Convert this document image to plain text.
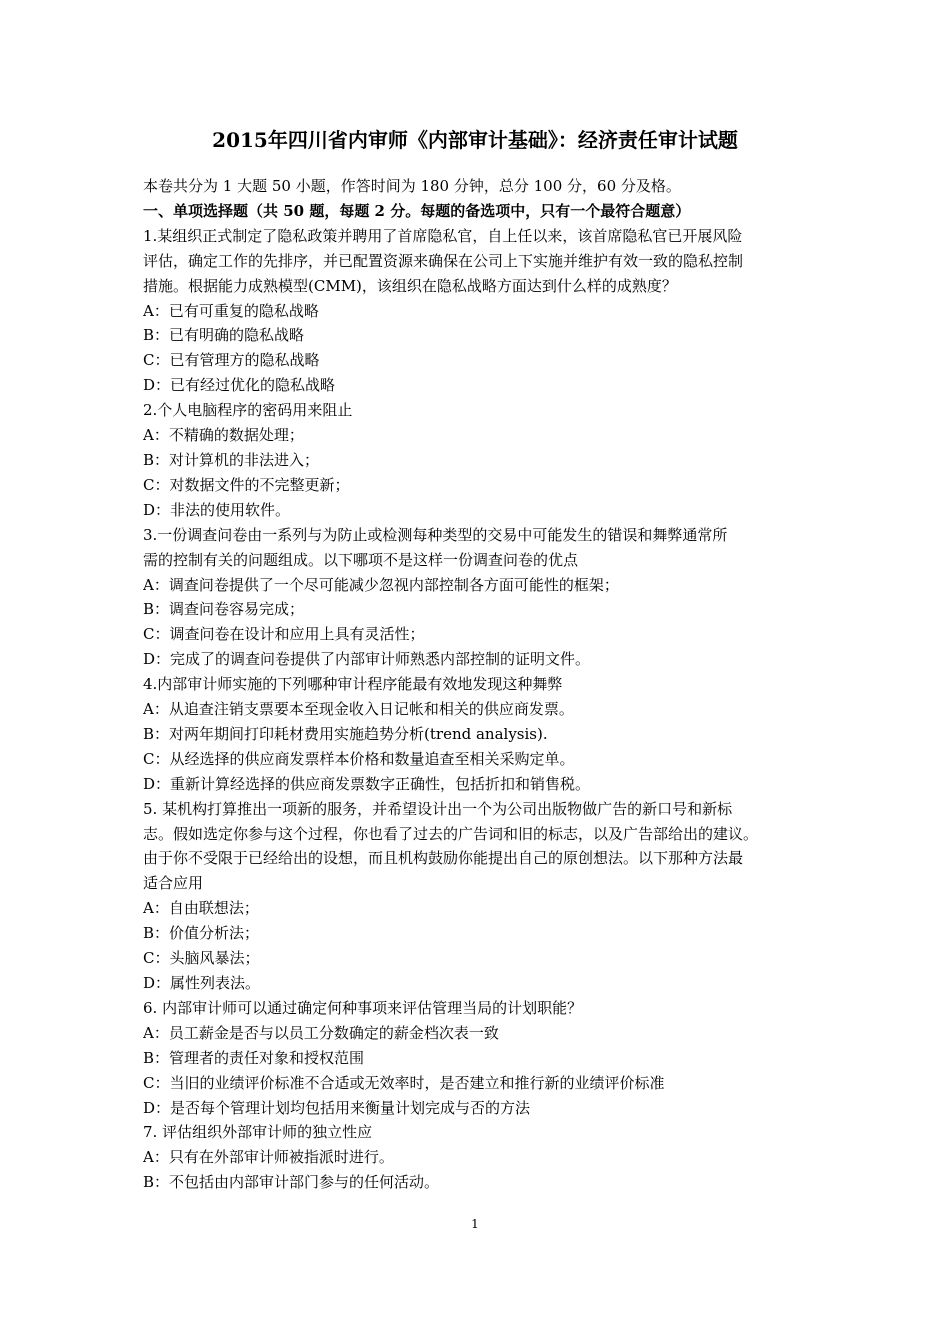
2015年四川省内审师《内部审计基础》：经济责任审计试题
本卷共分为 1 大题 50 小题，作答时间为 180 分钟，总分 100 分，60 分及格。
一、单项选择题（共 50 题，每题 2 分。每题的备选项中，只有一个最符合题意）
1.某组织正式制定了隐私政策并聘用了首席隐私官，自上任以来，该首席隐私官已开展风险
评估，确定工作的先排序，并已配置资源来确保在公司上下实施并维护有效一致的隐私控制
措施。根据能力成熟模型(CMM)，该组织在隐私战略方面达到什么样的成熟度？
A：已有可重复的隐私战略
B：已有明确的隐私战略
C：已有管理方的隐私战略
D：已有经过优化的隐私战略
2.个人电脑程序的密码用来阻止
A：不精确的数据处理；
B：对计算机的非法进入；
C：对数据文件的不完整更新；
D：非法的使用软件。
3.一份调查问卷由一系列与为防止或检测每种类型的交易中可能发生的错误和舞弊通常所
需的控制有关的问题组成。以下哪项不是这样一份调查问卷的优点
A：调查问卷提供了一个尽可能减少忽视内部控制各方面可能性的框架；
B：调查问卷容易完成；
C：调查问卷在设计和应用上具有灵活性；
D：完成了的调查问卷提供了内部审计师熟悉内部控制的证明文件。
4.内部审计师实施的下列哪种审计程序能最有效地发现这种舞弊
A：从追查注销支票要本至现金收入日记帐和相关的供应商发票。
B：对两年期间打印耗材费用实施趋势分析(trend analysis).
C：从经选择的供应商发票样本价格和数量追查至相关采购定单。
D：重新计算经选择的供应商发票数字正确性，包括折扣和销售税。
5. 某机构打算推出一项新的服务，并希望设计出一个为公司出版物做广告的新口号和新标
志。假如选定你参与这个过程，你也看了过去的广告词和旧的标志，以及广告部给出的建议。
由于你不受限于已经给出的设想，而且机构鼓励你能提出自己的原创想法。以下那种方法最
适合应用
A：自由联想法；
B：价值分析法；
C：头脑风暴法；
D：属性列表法。
6. 内部审计师可以通过确定何种事项来评估管理当局的计划职能？
A：员工薪金是否与以员工分数确定的薪金档次表一致
B：管理者的责任对象和授权范围
C：当旧的业绩评价标准不合适或无效率时，是否建立和推行新的业绩评价标准
D：是否每个管理计划均包括用来衡量计划完成与否的方法
7. 评估组织外部审计师的独立性应
A：只有在外部审计师被指派时进行。
B：不包括由内部审计部门参与的任何活动。
1
